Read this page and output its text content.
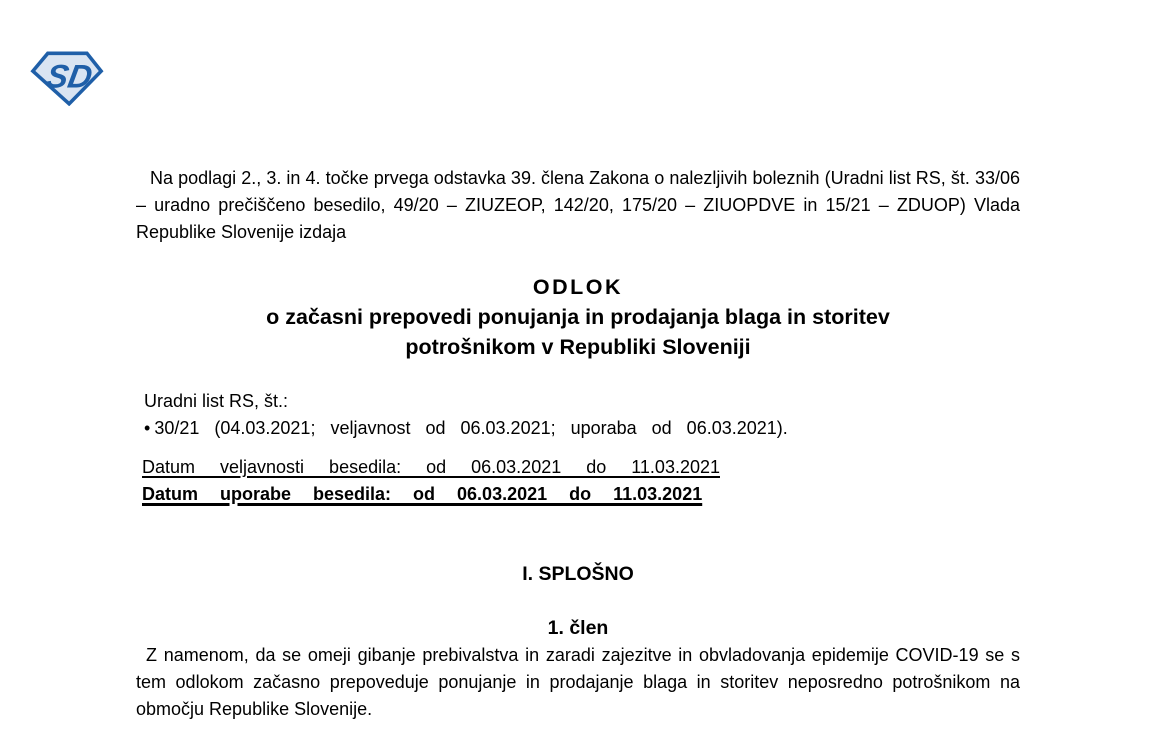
SD

Na podlagi 2., 3. in 4. točke prvega odstavka 39. člena Zakona o nalezljivih boleznih (Uradni list RS, št. 33/06 – uradno prečiščeno besedilo, 49/20 – ZIUZEOP, 142/20, 175/20 – ZIUOPDVE in 15/21 – ZDUOP) Vlada Republike Slovenije izdaja

ODLOK
o začasni prepovedi ponujanja in prodajanja blaga in storitev
potrošnikom v Republiki Sloveniji
Uradni list RS, št.:
• 30/21 (04.03.2021; veljavnost od 06.03.2021; uporaba od 06.03.2021).
Datum veljavnosti besedila: od 06.03.2021 do 11.03.2021
Datum uporabe besedila: od 06.03.2021 do 11.03.2021
I. SPLOŠNO
1. člen

Z namenom, da se omeji gibanje prebivalstva in zaradi zajezitve in obvladovanja epidemije COVID-19 se s tem odlokom začasno prepoveduje ponujanje in prodajanje blaga in storitev neposredno potrošnikom na območju Republike Slovenije.
